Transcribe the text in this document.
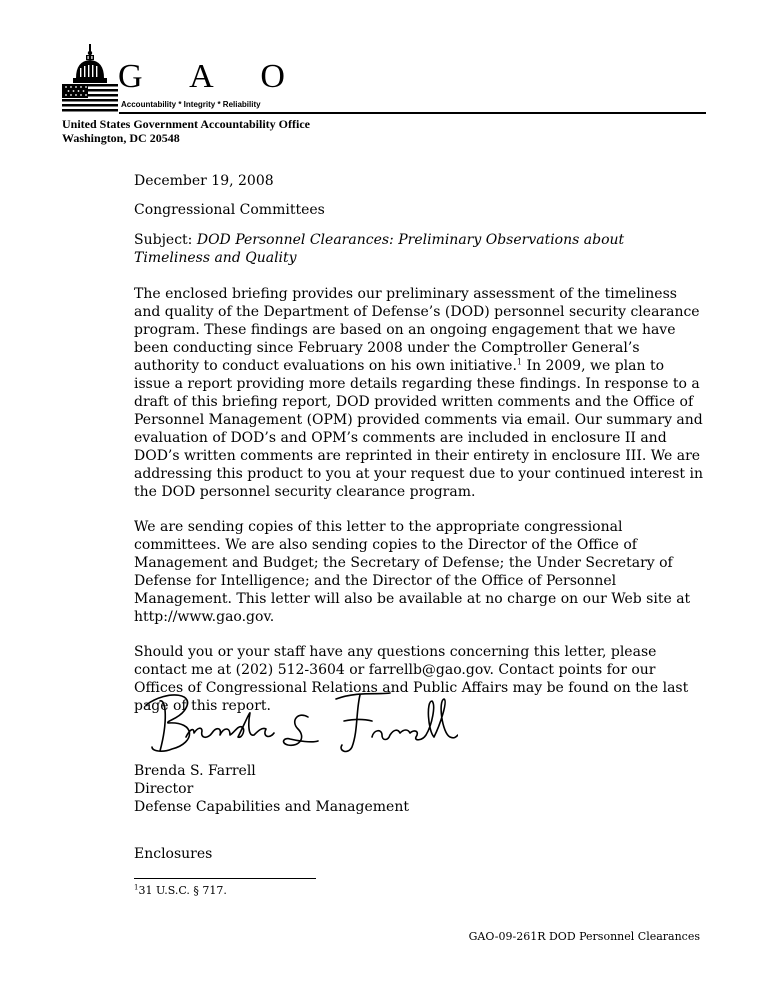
G A O
Accountability * Integrity * Reliability
United States Government Accountability Office
Washington, DC 20548

December 19, 2008

Congressional Committees

Subject: DOD Personnel Clearances: Preliminary Observations about Timeliness and Quality

The enclosed briefing provides our preliminary assessment of the timeliness and quality of the Department of Defense’s (DOD) personnel security clearance program. These findings are based on an ongoing engagement that we have been conducting since February 2008 under the Comptroller General’s authority to conduct evaluations on his own initiative.$^1$ In 2009, we plan to issue a report providing more details regarding these findings. In response to a draft of this briefing report, DOD provided written comments and the Office of Personnel Management (OPM) provided comments via email. Our summary and evaluation of DOD’s and OPM’s comments are included in enclosure II and DOD’s written comments are reprinted in their entirety in enclosure III. We are addressing this product to you at your request due to your continued interest in the DOD personnel security clearance program.

We are sending copies of this letter to the appropriate congressional committees. We are also sending copies to the Director of the Office of Management and Budget; the Secretary of Defense; the Under Secretary of Defense for Intelligence; and the Director of the Office of Personnel Management. This letter will also be available at no charge on our Web site at http://www.gao.gov.

Should you or your staff have any questions concerning this letter, please contact me at (202) 512-3604 or farrellb@gao.gov. Contact points for our Offices of Congressional Relations and Public Affairs may be found on the last page of this report.

Brenda S. Farrell
Director
Defense Capabilities and Management
Enclosures
$^1$31 U.S.C. § 717.
GAO-09-261R DOD Personnel Clearances
